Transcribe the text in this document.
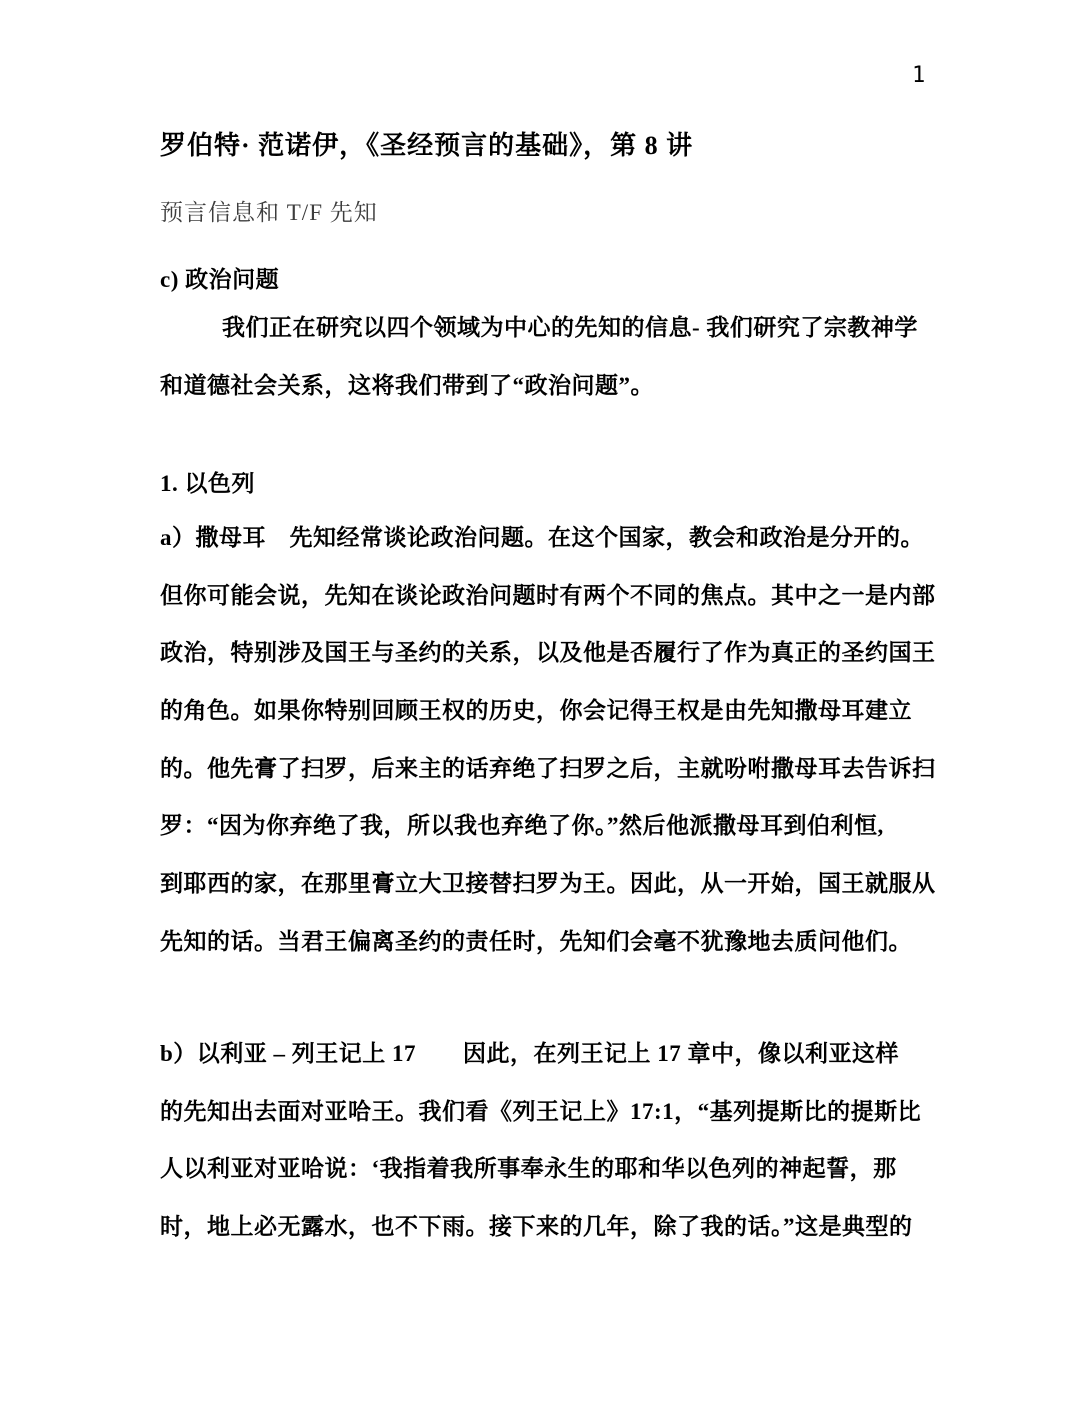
1
罗伯特· 范诺伊，《圣经预言的基础》，第 8 讲
预言信息和 T/F 先知
c) 政治问题
我们正在研究以四个领域为中心的先知的信息- 我们研究了宗教神学
和道德社会关系，这将我们带到了“政治问题”。
1. 以色列
a）撒母耳　先知经常谈论政治问题。在这个国家，教会和政治是分开的。
但你可能会说，先知在谈论政治问题时有两个不同的焦点。其中之一是内部
政治，特别涉及国王与圣约的关系，以及他是否履行了作为真正的圣约国王
的角色。如果你特别回顾王权的历史，你会记得王权是由先知撒母耳建立
的。他先膏了扫罗，后来主的话弃绝了扫罗之后，主就吩咐撒母耳去告诉扫
罗：“因为你弃绝了我，所以我也弃绝了你。”然后他派撒母耳到伯利恒,
到耶西的家，在那里膏立大卫接替扫罗为王。因此，从一开始，国王就服从
先知的话。当君王偏离圣约的责任时，先知们会毫不犹豫地去质问他们。
b）以利亚 – 列王记上 17　　因此，在列王记上 17 章中，像以利亚这样
的先知出去面对亚哈王。我们看《列王记上》17:1，“基列提斯比的提斯比
人以利亚对亚哈说：‘我指着我所事奉永生的耶和华以色列的神起誓，那
时，地上必无露水，也不下雨。接下来的几年，除了我的话。”这是典型的
